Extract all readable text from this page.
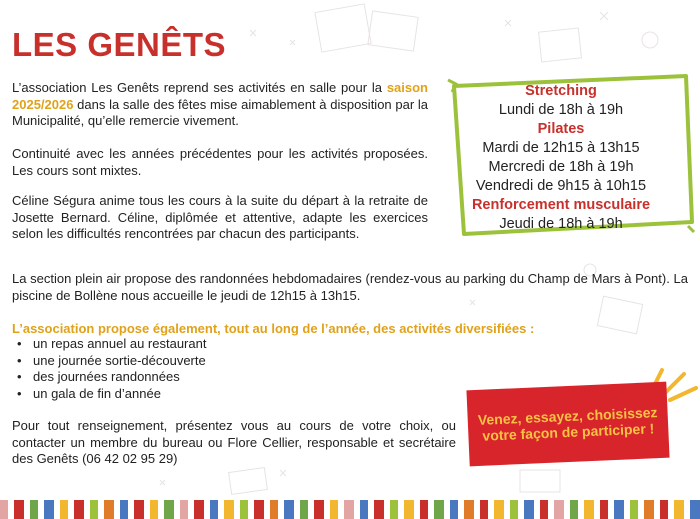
LES GENÊTS

L’association Les Genêts reprend ses activités en salle pour la saison 2025/2026 dans la salle des fêtes mise aimablement à disposition par la Municipalité, qu’elle remercie vivement.

Continuité avec les années précédentes pour les activités proposées. Les cours sont mixtes.

Céline Ségura anime tous les cours à la suite du départ à la retraite de Josette Bernard. Céline, diplômée et attentive, adapte les exercices selon les difficultés rencontrées par chacun des participants.

La section plein air propose des randonnées hebdomadaires (rendez-vous au parking du Champ de Mars à Pont). La piscine de Bollène nous accueille le jeudi de 12h15 à 13h15.

L’association propose également, tout au long de l’année, des activités diversifiées :

• un repas annuel au restaurant
• une journée sortie-découverte
• des journées randonnées
• un gala de fin d’année

Pour tout renseignement, présentez vous au cours de votre choix, ou contacter un membre du bureau ou Flore Cellier, responsable et secrétaire des Genêts (06 42 02 95 29)

Stretching
Lundi de 18h à 19h
Pilates
Mardi de 12h15 à 13h15
Mercredi de 18h à 19h
Vendredi de 9h15 à 10h15
Renforcement musculaire
Jeudi de 18h à 19h
Venez, essayez, choisissez votre façon de participer !
